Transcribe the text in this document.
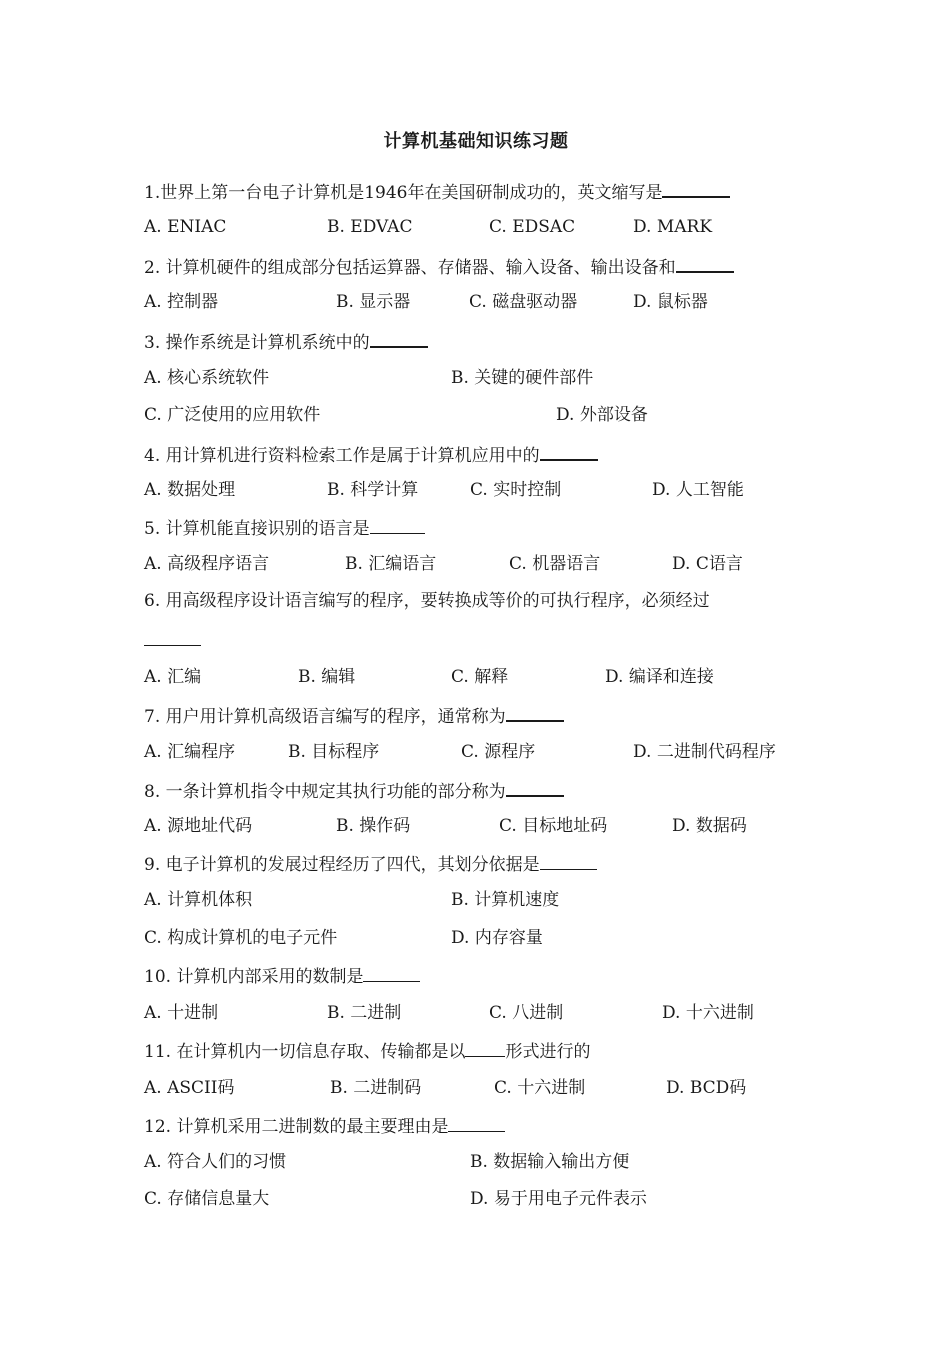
计算机基础知识练习题
1.世界上第一台电子计算机是1946年在美国研制成功的，英文缩写是
A. ENIAC	B. EDVAC	C. EDSAC	D. MARK
2. 计算机硬件的组成部分包括运算器、存储器、输入设备、输出设备和
A. 控制器	B. 显示器	C. 磁盘驱动器	D. 鼠标器
3. 操作系统是计算机系统中的
A. 核心系统软件	B. 关键的硬件部件
C. 广泛使用的应用软件	D. 外部设备
4. 用计算机进行资料检索工作是属于计算机应用中的
A. 数据处理	B. 科学计算	C. 实时控制	D. 人工智能
5. 计算机能直接识别的语言是
A. 高级程序语言	B. 汇编语言	C. 机器语言	D. C语言
6. 用高级程序设计语言编写的程序，要转换成等价的可执行程序，必须经过
A. 汇编	B. 编辑	C. 解释	D. 编译和连接
7. 用户用计算机高级语言编写的程序，通常称为
A. 汇编程序	B. 目标程序	C. 源程序	D. 二进制代码程序
8. 一条计算机指令中规定其执行功能的部分称为
A. 源地址代码	B. 操作码	C. 目标地址码	D. 数据码
9. 电子计算机的发展过程经历了四代，其划分依据是
A. 计算机体积	B. 计算机速度
C. 构成计算机的电子元件	D. 内存容量
10. 计算机内部采用的数制是
A. 十进制	B. 二进制	C. 八进制	D. 十六进制
11. 在计算机内一切信息存取、传输都是以 形式进行的
A. ASCII码	B. 二进制码	C. 十六进制	D. BCD码
12. 计算机采用二进制数的最主要理由是
A. 符合人们的习惯	B. 数据输入输出方便
C. 存储信息量大	D. 易于用电子元件表示
